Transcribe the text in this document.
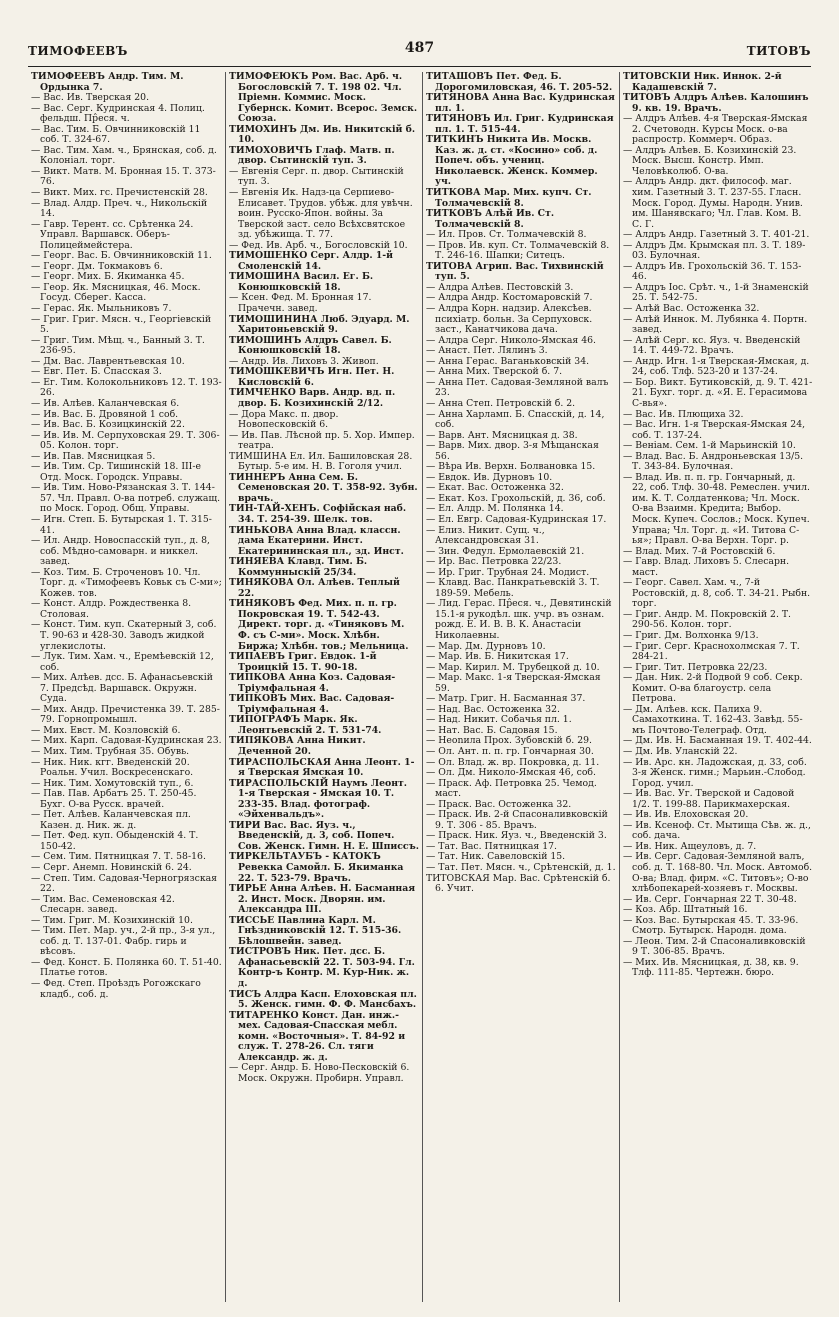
ТИМОФЕЕВЪ	487	ТИТОВЪ
ТИМОФЕЕВЪ Андр. Тим. М. Ордынка 7.
— Вас. Ив. Тверская 20.
— Вас. Серг. Кудринская 4. Полиц. фельдш. Пр̂еся. ч.
— Вас. Тим. Б. Овчинниковскій 11 соб. Т. 324-67.
— Вас. Тим. Хам. ч., Брянская, соб. д. Колоніал. торг.
— Викт. Матв. М. Бронная 15. Т. 373-76.
— Викт. Мих. гс. Пречистенскій 28.
— Влад. Алдр. Преч. ч., Никольскій 14.
— Гавр. Терент. сс. Срѣтенка 24. Управл. Варшавск. Оберъ-Полицеймейстера.
— Георг. Вас. Б. Овчинниковскій 11.
— Георг. Дм. Токмаковъ 6.
— Георг. Мих. Б. Якиманка 45.
— Геор. Як. Мясницкая, 46. Моск. Госуд. Сберег. Касса.
— Герас. Як. Мыльниковъ 7.
— Григ. Григ. Мясн. ч., Георгіевскій 5.
— Григ. Тим. Мѣщ. ч., Банный 3. Т. 236-95.
— Дм. Вас. Лаврентьевская 10.
— Евг. Пет. Б. Спасская 3.
— Ег. Тим. Колокольниковъ 12. Т. 193-26.
— Ив. Алѣев. Каланчевская 6.
— Ив. Вас. Б. Дровяной 1 соб.
— Ив. Вас. Б. Козицкинскій 22.
— Ив. Ив. М. Серпуховская 29. Т. 306-05. Колон. торг.
— Ив. Пав. Мясницкая 5.
— Ив. Тим. Ср. Тишинскій 18. III-е Отд. Моск. Городск. Управы.
— Ив. Тим. Ново-Рязанская 3. Т. 144-57. Чл. Правл. О-ва потреб. служащ. по Моск. Город. Общ. Управы.
— Игн. Степ. Б. Бутырская 1. Т. 315-41.
— Ил. Андр. Новоспасскій туп., д. 8, соб. Мѣдно-самоварн. и никкел. завед.
— Коз. Тим. Б. Строченовъ 10. Чл. Торг. д. «Тимофеевъ Ковьк съ С-ми»; Кожев. тов.
— Конст. Алдр. Рождественка 8. Столовая.
— Конст. Тим. куп. Скатерный 3, соб. Т. 90-63 и 428-30. Заводъ жидкой углекислоты.
— Лук. Тим. Хам. ч., Еремѣевскій 12, соб.
— Мих. Алѣев. дсс. Б. Афанасьевскій 7. Предсѣд. Варшавск. Окружн. Суда.
— Мих. Андр. Пречистенка 39. Т. 285-79. Горнопромышл.
— Мих. Евст. М. Козловскій 6.
— Мих. Карп. Садовая-Кудринская 23.
— Мих. Тим. Трубная 35. Обувь.
— Ник. Ник. кгг. Введенскій 20. Роальн. Учил. Воскресенскаго.
— Ник. Тим. Хомутовскій туп., 6.
— Пав. Пав. Арбатъ 25. Т. 250-45. Бухг. О-ва Русск. врачей.
— Пет. Алѣев. Каланчевская пл. Казен. д. Ник. ж. д.
— Пет. Фед. куп. Обыденскій 4. Т. 150-42.
— Сем. Тим. Пятницкая 7. Т. 58-16.
— Серг. Анемп. Новинскій 6. 24.
— Степ. Тим. Садовая-Черногрязская 22.
— Тим. Вас. Семеновская 42. Слесарн. завед.
— Тим. Григ. М. Козихинскій 10.
— Тим. Пет. Мар. уч., 2-й пр., 3-я ул., соб. д. Т. 137-01. Фабр. гирь и вѣсовъ.
— Фед. Конст. Б. Полянка 60. Т. 51-40. Платье готов.
— Фед. Степ. Проѣздъ Рогожскаго кладб., соб. д.
ТИМОФЕЮКЪ Ром. Вас. Арб. ч. Богословскій 7. Т. 198 02. Чл. Пріемн. Коммис. Моск. Губернск. Комит. Всерос. Земск. Союза.
ТИМОХИНЪ Дм. Ив. Никитскій б. 10.
ТИМОХОВИЧЪ Глаф. Матв. п. двор. Сытинскій туп. 3.
— Евгенія Серг. п. двор. Сытинскій туп. 3.
— Евгенія Ик. Надз-ца Серпиево-Елисавет. Трудов. убѣж. для увѣчн. воин. Русско-Япон. войны. За Тверской заст. село Всѣхсвятское зд. убѣжища. Т. 77.
— Фед. Ив. Арб. ч., Богословскій 10.
ТИМОШЕНКО Серг. Алдр. 1-й Смоленскій 14.
ТИМОШИНА Васил. Ег. Б. Конюшковскій 18.
— Ксен. Фед. М. Бронная 17. Прачечн. завед.
ТИМОШИНИНА Люб. Эдуард. М. Харитоньевскій 9.
ТИМОШИНЪ Алдръ Савел. Б. Конюшковскій 18.
— Андр. Ив. Лиховъ 3. Живоп.
ТИМОШКЕВИЧЪ Игн. Пет. Н. Кисловскій 6.
ТИМЧЕНКО Варв. Андр. вд. п. двор. Б. Козихинскій 2/12.
— Дора Макс. п. двор. Новопесковскій 6.
— Ив. Пав. Лѣсной пр. 5. Хор. Импер. театра.
ТИМШИНА Ел. Ил. Башиловская 28. Бутыр. 5-е им. Н. В. Гоголя учил.
ТИННЕРЪ Анна Сем. Б. Семеновская 20. Т. 358-92. Зубн. врачь.
ТИН-ТАЙ-ХЕНЪ. Софійская наб. 34. Т. 254-39. Шелк. тов.
ТИНЬКОВА Анна Влад. классн. дама Екатерини. Инст. Екатерининская пл., зд. Инст.
ТИНЯЕВА Клавд. Тим. Б. Коммунныскій 25/34.
ТИНЯКОВА Ол. Алѣев. Теплый 22.
ТИНЯКОВЪ Фед. Мих. п. п. гр. Покровская 19. Т. 542-43. Директ. торг. д. «Тиняковъ М. Ф. съ С-ми». Моск. Хлѣбн. Биржа; Хлѣбн. тов.; Мельница.
ТИПАЕВЪ Григ. Евдок. 1-й Троицкій 15. Т. 90-18.
ТИПКОВА Анна Коз. Садовая-Тріумфальная 4.
ТИПКОВЪ Мих. Вас. Садовая-Тріумфальная 4.
ТИПОГРАФЪ Марк. Як. Леонтьевскій 2. Т. 531-74.
ТИПЯКОВА Анна Никит. Деченной 20.
ТИРАСПОЛЬСКАЯ Анна Леонт. 1-я Тверская Ямская 10.
ТИРАСПОЛЬСКІЙ Наумъ Леонт. 1-я Тверская - Ямская 10. Т. 233-35. Влад. фотограф. «Эйхенвальдъ».
ТИРИ Вас. Вас. Яуз. ч., Введенскій, д. 3, соб. Попеч. Сов. Женск. Гимн. Н. Е. Шписсъ.
ТИРКЕЛЬТАУБЪ - КАТОКЪ Ревекка Самойл. Б. Якиманка 22. Т. 523-79. Врачъ.
ТИРЬЕ Анна Алѣев. Н. Басманная 2. Инст. Моск. Дворян. им. Александра III.
ТИССЬЕ Павлина Карл. М. Гнѣздниковскій 12. Т. 515-36. Бѣлошвейн. завед.
ТИСТРОВЪ Ник. Пет. дсс. Б. Афанасьевскій 22. Т. 503-94. Гл. Контр-ъ Контр. М. Кур-Ник. ж. д.
ТИСЪ Алдра Касп. Елоховская пл. 5. Женск. гимн. Ф. Ф. Мансбахъ.
ТИТАРЕНКО Конст. Дан. инж.-мех. Садовая-Спасская мебл. комн. «Восточныя». Т. 84-92 и служ. Т. 278-26. Сл. тяги Александр. ж. д.
— Серг. Андр. Б. Ново-Песковскій 6. Моск. Окружн. Пробирн. Управл.
ТИТАШОВЪ Пет. Фед. Б. Дорогомиловская, 46. Т. 205-52.
ТИТЯНОВА Анна Вас. Кудринская пл. 1.
ТИТЯНОВЪ Ил. Григ. Кудринская пл. 1. Т. 515-44.
ТИТКИНЪ Никита Ив. Москв. Каз. ж. д. ст. «Косино» соб. д. Попеч. объ. учениц. Николаевск. Женск. Коммер. уч.
ТИТКОВА Мар. Мих. купч. Ст. Толмачевскій 8.
ТИТКОВЪ Алѣй Ив. Ст. Толмачевскій 8.
— Ил. Пров. Ст. Толмачевскій 8.
— Пров. Ив. куп. Ст. Толмачевскій 8. Т. 246-16. Шапки; Ситецъ.
ТИТОВА Агрип. Вас. Тихвинскій туп. 5.
— Алдра Алѣев. Пестовскій 3.
— Алдра Андр. Костомаровскій 7.
— Алдра Корн. надзир. Алексѣев. психіатр. больн. За Серпуховск. заст., Канатчикова дача.
— Алдра Серг. Николо-Ямская 46.
— Анаст. Пет. Лялинъ 3.
— Анна Герас. Ваганьковскій 34.
— Анна Мих. Тверской б. 7.
— Анна Пет. Садовая-Земляной валъ 23.
— Анна Степ. Петровскій б. 2.
— Анна Харламп. Б. Спасскій, д. 14, соб.
— Варв. Ант. Мясницкая д. 38.
— Варв. Мих. двор. 3-я Мѣщанская 56.
— Вѣра Ив. Верхн. Болвановка 15.
— Евдок. Ив. Дурновъ 10.
— Екат. Вас. Остоженка 32.
— Екат. Коз. Грохольскій, д. 36, соб.
— Ел. Алдр. М. Полянка 14.
— Ел. Евгр. Садовая-Кудринская 17.
— Елиз. Никит. Сущ. ч., Александровская 31.
— Зин. Федул. Ермолаевскій 21.
— Ир. Вас. Петровка 22/23.
— Ир. Григ. Трубная 24. Модист.
— Клавд. Вас. Панкратьевскій 3. Т. 189-59. Мебель.
— Лид. Герас. Пр̂еся. ч., Девятинскій 15.1-я рукодѣл. шк. учр. въ ознам. рожд. Е. И. В. В. К. Анастасіи Николаевны.
— Мар. Дм. Дурновъ 10.
— Мар. Ив. Б. Никитская 17.
— Мар. Кирил. М. Трубецкой д. 10.
— Мар. Макс. 1-я Тверская-Ямская 59.
— Матр. Григ. Н. Басманная 37.
— Над. Вас. Остоженка 32.
— Над. Никит. Собачья пл. 1.
— Нат. Вас. Б. Садовая 15.
— Неоnила Прох. Зубовскій б. 29.
— Ол. Ант. п. п. гр. Гончарная 30.
— Ол. Влад. ж. вр. Покровка, д. 11.
— Ол. Дм. Николо-Ямская 46, соб.
— Праск. Аф. Петровка 25. Чемод. маст.
— Праск. Вас. Остоженка 32.
— Праск. Ив. 2-й Спасоналивковскій 9. Т. 306 - 85. Врачъ.
— Праск. Ник. Яуз. ч., Введенскій 3.
— Тат. Вас. Пятницкая 17.
— Тат. Ник. Савеловскій 15.
— Тат. Пет. Мясн. ч., Срѣтенскій, д. 1.
ТИТОВСКАЯ Мар. Вас. Срѣтенскій б. 6. Учит.
ТИТОВСКІЙ Ник. Иннок. 2-й Кадашевскій 7.
ТИТОВЪ Алдръ Алѣев. Калошинъ 9. кв. 19. Врачъ.
— Алдръ Алѣев. 4-я Тверская-Ямская 2. Счетоводн. Курсы Моск. о-ва распростр. Коммерч. Образ.
— Алдръ Алѣев. Б. Козихинскій 23. Моск. Высш. Констр. Имп. Человѣколюб. О-ва.
— Алдръ Андр. дкт. философ. маг. хим. Газетный 3. Т. 237-55. Гласн. Моск. Город. Думы. Народн. Унив. им. Шанявскаго; Чл. Глав. Ком. В. С. Г.
— Алдръ Андр. Газетный 3. Т. 401-21.
— Алдръ Дм. Крымская пл. 3. Т. 189-03. Булочная.
— Алдръ Ив. Грохольскій 36. Т. 153-46.
— Алдръ Іос. Срѣт. ч., 1-й Знаменскій 25. Т. 542-75.
— Алѣй Вас. Остоженка 32.
— Алѣй Иннок. М. Лубянка 4. Портн. завед.
— Алѣй Серг. кс. Яуз. ч. Введенскій 14. Т. 449-72. Врачъ.
— Андр. Игн. 1-я Тверская-Ямская, д. 24, соб. Тлф. 523-20 и 137-24.
— Бор. Викт. Бутиковскій, д. 9. Т. 421-21. Бухг. торг. д. «Я. Е. Герасимова С-вья».
— Вас. Ив. Плющиха 32.
— Вас. Игн. 1-я Тверская-Ямская 24, соб. Т. 137-24.
— Веніам. Сем. 1-й Марьинскій 10.
— Влад. Вас. Б. Андроньевская 13/5. Т. 343-84. Булочная.
— Влад. Ив. п. п. гр. Гончарный, д. 22, соб. Тлф. 30-48. Ремеслен. учил. им. К. Т. Солдатенкова; Чл. Моск. О-ва Взаимн. Кредита; Выбор. Моск. Купеч. Сослов.; Моск. Купеч. Управа; Чл. Торг. д. «И. Титова С-ья»; Правл. О-ва Верхн. Торг. р.
— Влад. Мих. 7-й Ростовскій 6.
— Гавр. Влад. Лиховъ 5. Слесарн. маст.
— Георг. Савел. Хам. ч., 7-й Ростовскій, д. 8, соб. Т. 34-21. Рыбн. торг.
— Григ. Андр. М. Покровскій 2. Т. 290-56. Колон. торг.
— Григ. Дм. Волхонка 9/13.
— Григ. Серг. Краснохолмская 7. Т. 284-21.
— Григ. Тит. Петровка 22/23.
— Дан. Ник. 2-й Подвой 9 соб. Секр. Комит. О-ва благоустр. села Петрова.
— Дм. Алѣев. кск. Палиха 9. Самахоткина. Т. 162-43. Завѣд. 55-мъ Почтово-Телеграф. Отд.
— Дм. Ив. Н. Басманная 19. Т. 402-44.
— Дм. Ив. Уланскій 22.
— Ив. Арс. кн. Ладожская, д. 33, соб. 3-я Женск. гимн.; Марьин.-Слобод. Город. учил.
— Ив. Вас. Уг. Тверской и Садовой 1/2. Т. 199-88. Парикмахерская.
— Ив. Ив. Елоховская 20.
— Ив. Ксеноф. Ст. Мытища Сѣв. ж. д., соб. дача.
— Ив. Ник. Ащеуловъ, д. 7.
— Ив. Серг. Садовая-Земляной валъ, соб. д. Т. 168-80. Чл. Моск. Автомоб. О-ва; Влад. фирм. «С. Титовъ»; О-во хлѣбопекарей-хозяевъ г. Москвы.
— Ив. Серг. Гончарная 22 Т. 30-48.
— Коз. Абр. Штатный 16.
— Коз. Вас. Бутырская 45. Т. 33-96. Смотр. Бутырск. Народн. дома.
— Леон. Тим. 2-й Спасоналивковскій 9 Т. 306-85. Врачъ.
— Мих. Ив. Мясницкая, д. 38, кв. 9. Тлф. 111-85. Чертежн. бюро.
